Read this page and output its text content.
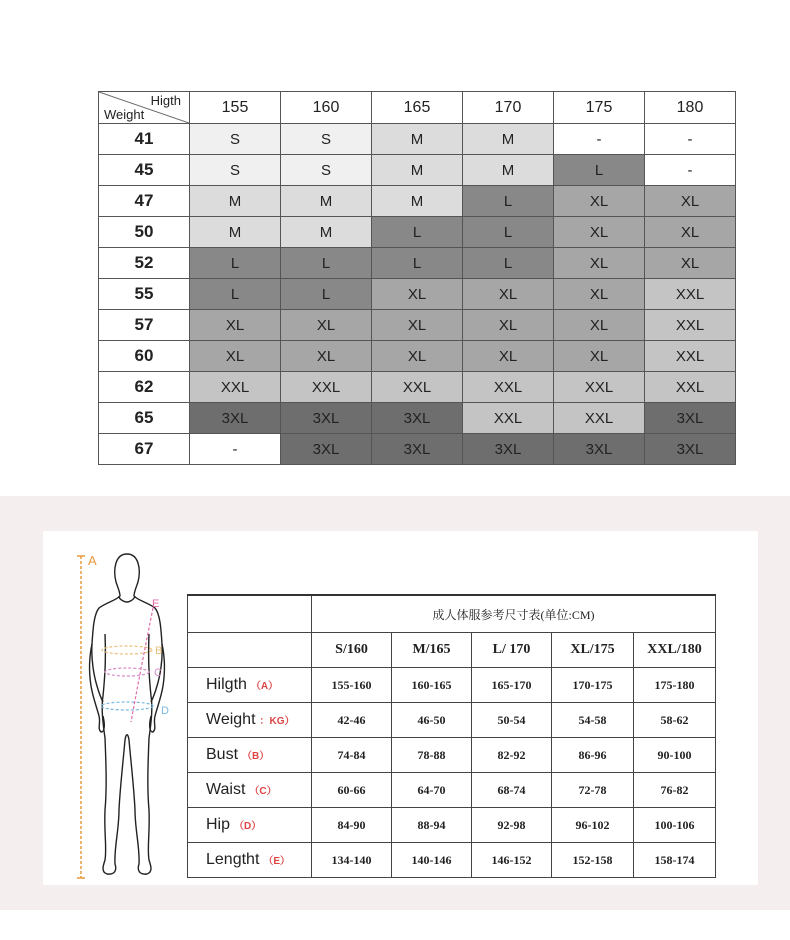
Higth
Weight	155	160	165	170	175	180
41	S	S	M	M	-	-
45	S	S	M	M	L	-
47	M	M	M	L	XL	XL
50	M	M	L	L	XL	XL
52	L	L	L	L	XL	XL
55	L	L	XL	XL	XL	XXL
57	XL	XL	XL	XL	XL	XXL
60	XL	XL	XL	XL	XL	XXL
62	XXL	XXL	XXL	XXL	XXL	XXL
65	3XL	3XL	3XL	XXL	XXL	3XL
67	-	3XL	3XL	3XL	3XL	3XL
A
B
C
D
E
	成人体服参考尺寸表(单位:CM)				
	S/160	M/165	L/ 170	XL/175	XXL/180
Hilgth （A）	155-160	160-165	165-170	170-175	175-180
Weight ：KG）	42-46	46-50	50-54	54-58	58-62
Bust （B）	74-84	78-88	82-92	86-96	90-100
Waist （C）	60-66	64-70	68-74	72-78	76-82
Hip （D）	84-90	88-94	92-98	96-102	100-106
Lengtht （E）	134-140	140-146	146-152	152-158	158-174
